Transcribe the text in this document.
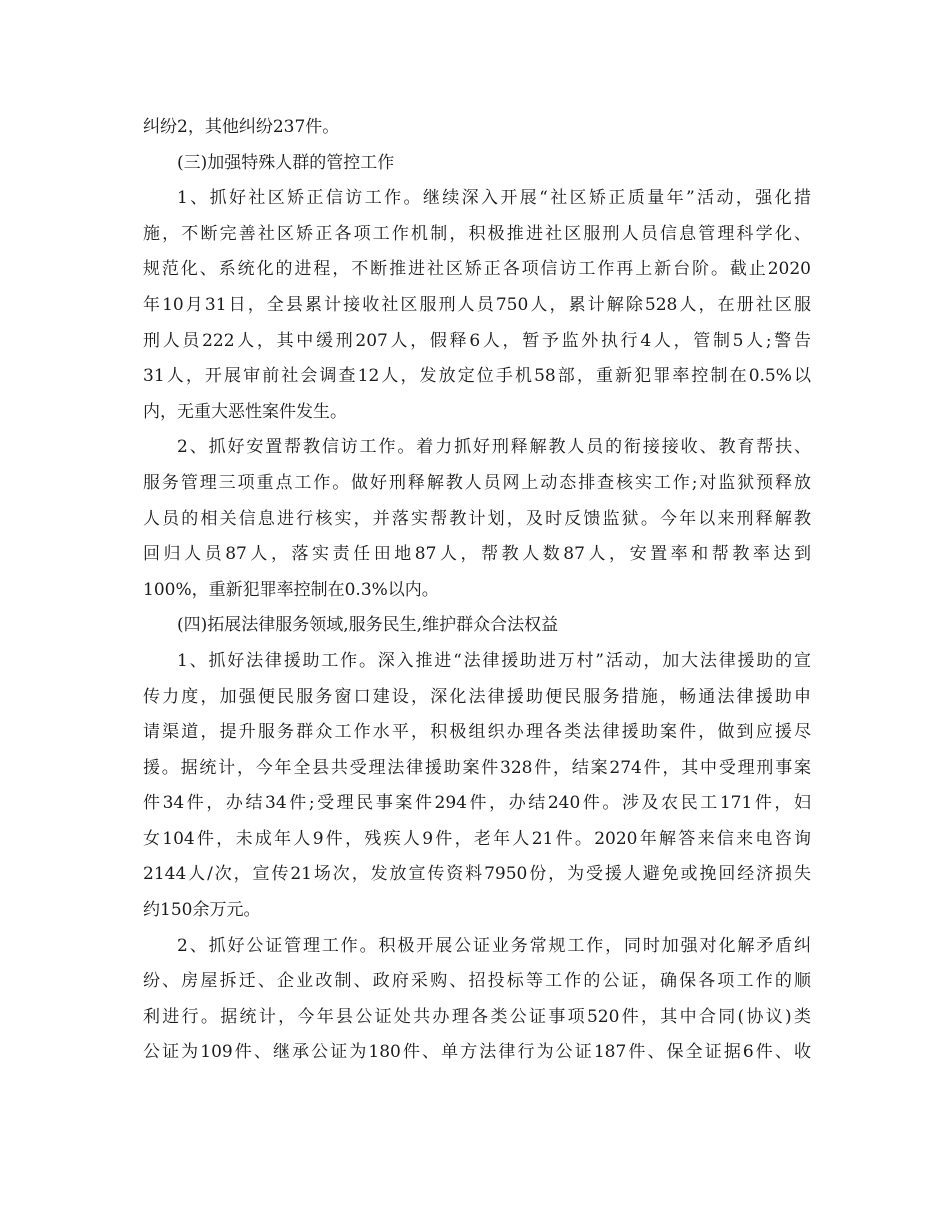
纠纷2，其他纠纷237件。
(三)加强特殊人群的管控工作
1、抓好社区矫正信访工作。继续深入开展“社区矫正质量年”活动，强化措
施，不断完善社区矫正各项工作机制，积极推进社区服刑人员信息管理科学化、
规范化、系统化的进程，不断推进社区矫正各项信访工作再上新台阶。截止2020
年10月31日，全县累计接收社区服刑人员750人，累计解除528人，在册社区服
刑人员222人，其中缓刑207人，假释6人，暂予监外执行4人，管制5人;警告
31人，开展审前社会调查12人，发放定位手机58部，重新犯罪率控制在0.5%以
内，无重大恶性案件发生。
2、抓好安置帮教信访工作。着力抓好刑释解教人员的衔接接收、教育帮扶、
服务管理三项重点工作。做好刑释解教人员网上动态排查核实工作;对监狱预释放
人员的相关信息进行核实，并落实帮教计划，及时反馈监狱。今年以来刑释解教
回归人员87人，落实责任田地87人，帮教人数87人，安置率和帮教率达到
100%，重新犯罪率控制在0.3%以内。
(四)拓展法律服务领域,服务民生,维护群众合法权益
1、抓好法律援助工作。深入推进“法律援助进万村”活动，加大法律援助的宣
传力度，加强便民服务窗口建设，深化法律援助便民服务措施，畅通法律援助申
请渠道，提升服务群众工作水平，积极组织办理各类法律援助案件，做到应援尽
援。据统计，今年全县共受理法律援助案件328件，结案274件，其中受理刑事案
件34件，办结34件;受理民事案件294件，办结240件。涉及农民工171件，妇
女104件，未成年人9件，残疾人9件，老年人21件。2020年解答来信来电咨询
2144人/次，宣传21场次，发放宣传资料7950份，为受援人避免或挽回经济损失
约150余万元。
2、抓好公证管理工作。积极开展公证业务常规工作，同时加强对化解矛盾纠
纷、房屋拆迁、企业改制、政府采购、招投标等工作的公证，确保各项工作的顺
利进行。据统计，今年县公证处共办理各类公证事项520件，其中合同(协议)类
公证为109件、继承公证为180件、单方法律行为公证187件、保全证据6件、收
